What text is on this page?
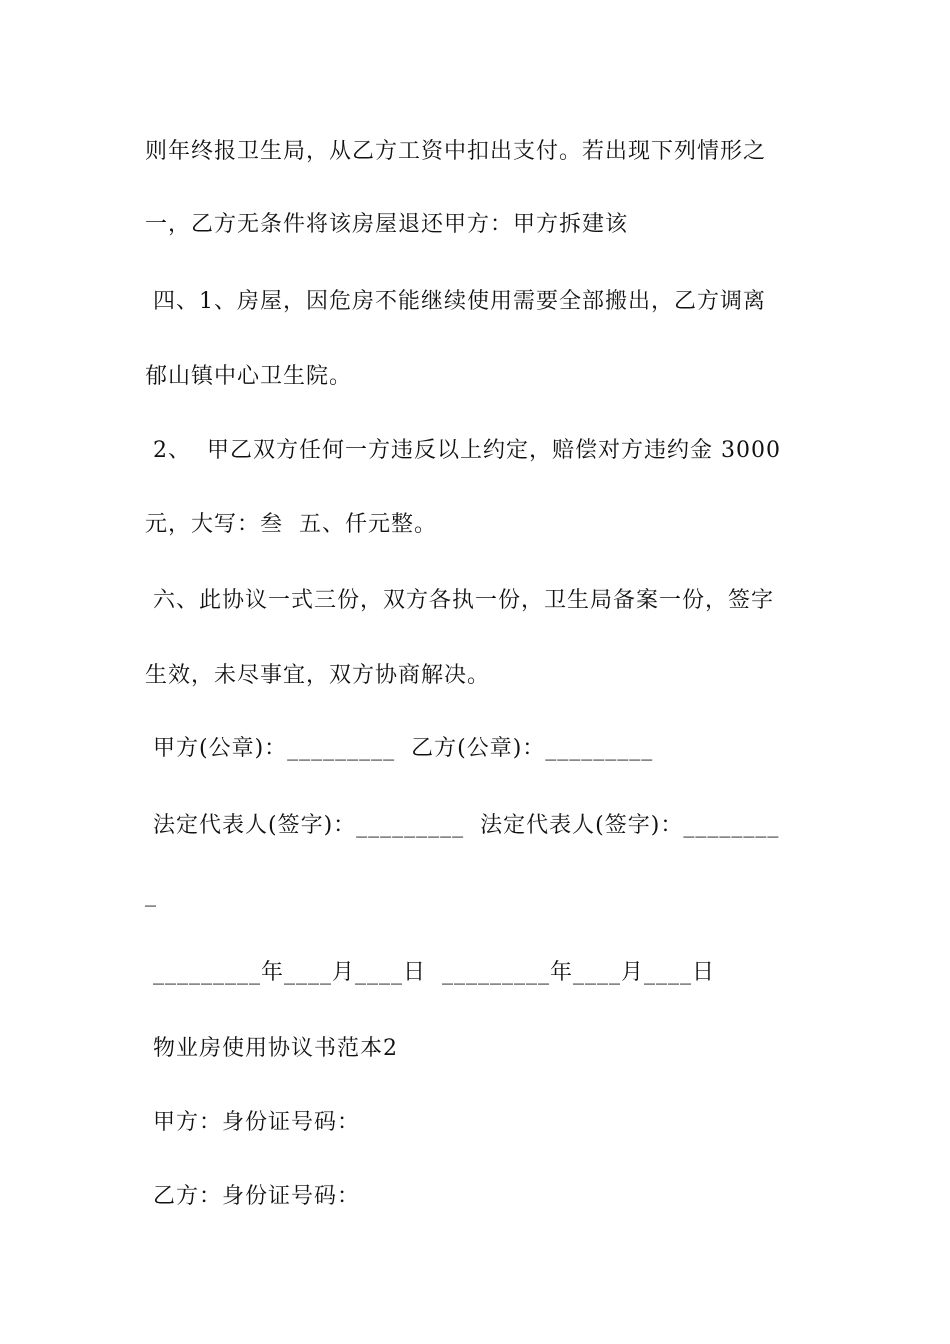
则年终报卫生局，从乙方工资中扣出支付。若出现下列情形之
一，乙方无条件将该房屋退还甲方：甲方拆建该
四、1、房屋，因危房不能继续使用需要全部搬出，乙方调离
郁山镇中心卫生院。
2、  甲乙双方任何一方违反以上约定，赔偿对方违约金 3000
元，大写：叁  五、仟元整。
六、此协议一式三份，双方各执一份，卫生局备案一份，签字
生效，未尽事宜，双方协商解决。
甲方(公章)：_________  乙方(公章)：_________
法定代表人(签字)：_________  法定代表人(签字)：________
_
_________年____月____日  _________年____月____日
物业房使用协议书范本2
甲方：身份证号码：
乙方：身份证号码：
